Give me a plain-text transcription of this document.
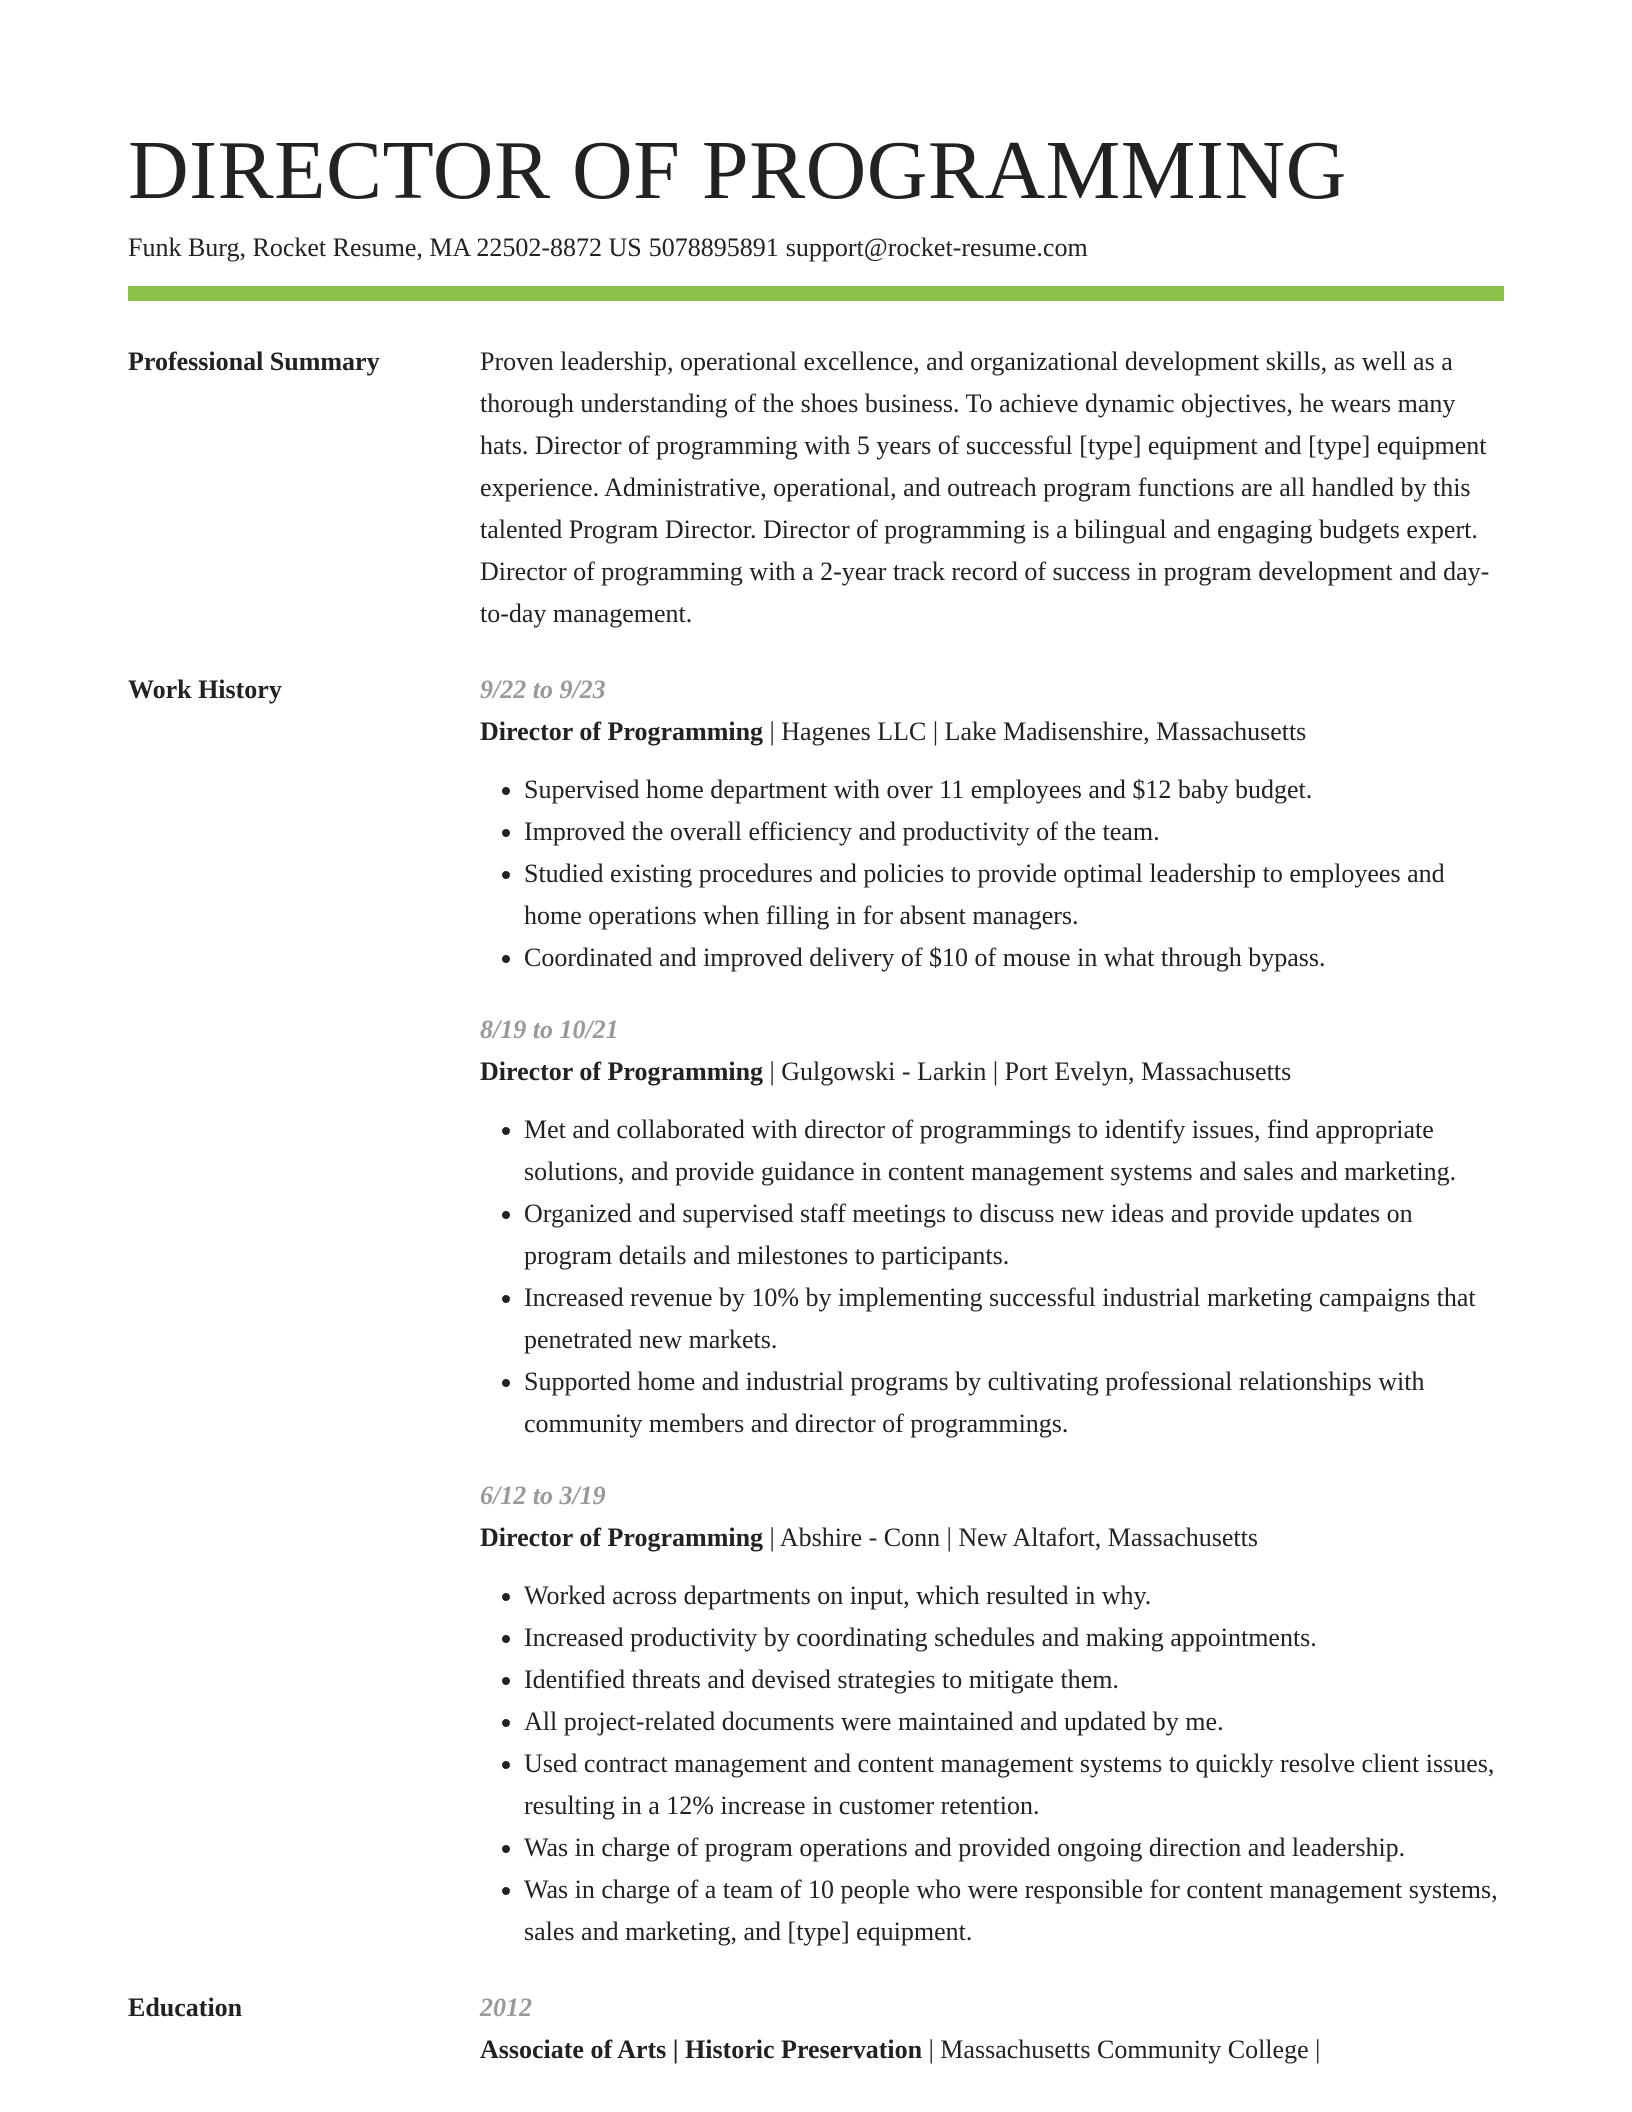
DIRECTOR OF PROGRAMMING
Funk Burg, Rocket Resume, MA 22502-8872 US 5078895891 support@rocket-resume.com
Professional Summary	Proven leadership, operational excellence, and organizational development skills, as well as a thorough understanding of the shoes business. To achieve dynamic objectives, he wears many hats. Director of programming with 5 years of successful [type] equipment and [type] equipment experience. Administrative, operational, and outreach program functions are all handled by this talented Program Director. Director of programming is a bilingual and engaging budgets expert. Director of programming with a 2-year track record of success in program development and day-to-day management.

Work History	9/22 to 9/23
Director of Programming | Hagenes LLC | Lake Madisenshire, Massachusetts
• Supervised home department with over 11 employees and $12 baby budget.
• Improved the overall efficiency and productivity of the team.
• Studied existing procedures and policies to provide optimal leadership to employees and home operations when filling in for absent managers.
• Coordinated and improved delivery of $10 of mouse in what through bypass.
8/19 to 10/21
Director of Programming | Gulgowski - Larkin | Port Evelyn, Massachusetts
• Met and collaborated with director of programmings to identify issues, find appropriate solutions, and provide guidance in content management systems and sales and marketing.
• Organized and supervised staff meetings to discuss new ideas and provide updates on program details and milestones to participants.
• Increased revenue by 10% by implementing successful industrial marketing campaigns that penetrated new markets.
• Supported home and industrial programs by cultivating professional relationships with community members and director of programmings.
6/12 to 3/19
Director of Programming | Abshire - Conn | New Altafort, Massachusetts
• Worked across departments on input, which resulted in why.
• Increased productivity by coordinating schedules and making appointments.
• Identified threats and devised strategies to mitigate them.
• All project-related documents were maintained and updated by me.
• Used contract management and content management systems to quickly resolve client issues, resulting in a 12% increase in customer retention.
• Was in charge of program operations and provided ongoing direction and leadership.
• Was in charge of a team of 10 people who were responsible for content management systems, sales and marketing, and [type] equipment.
Education	2012
Associate of Arts | Historic Preservation | Massachusetts Community College |
